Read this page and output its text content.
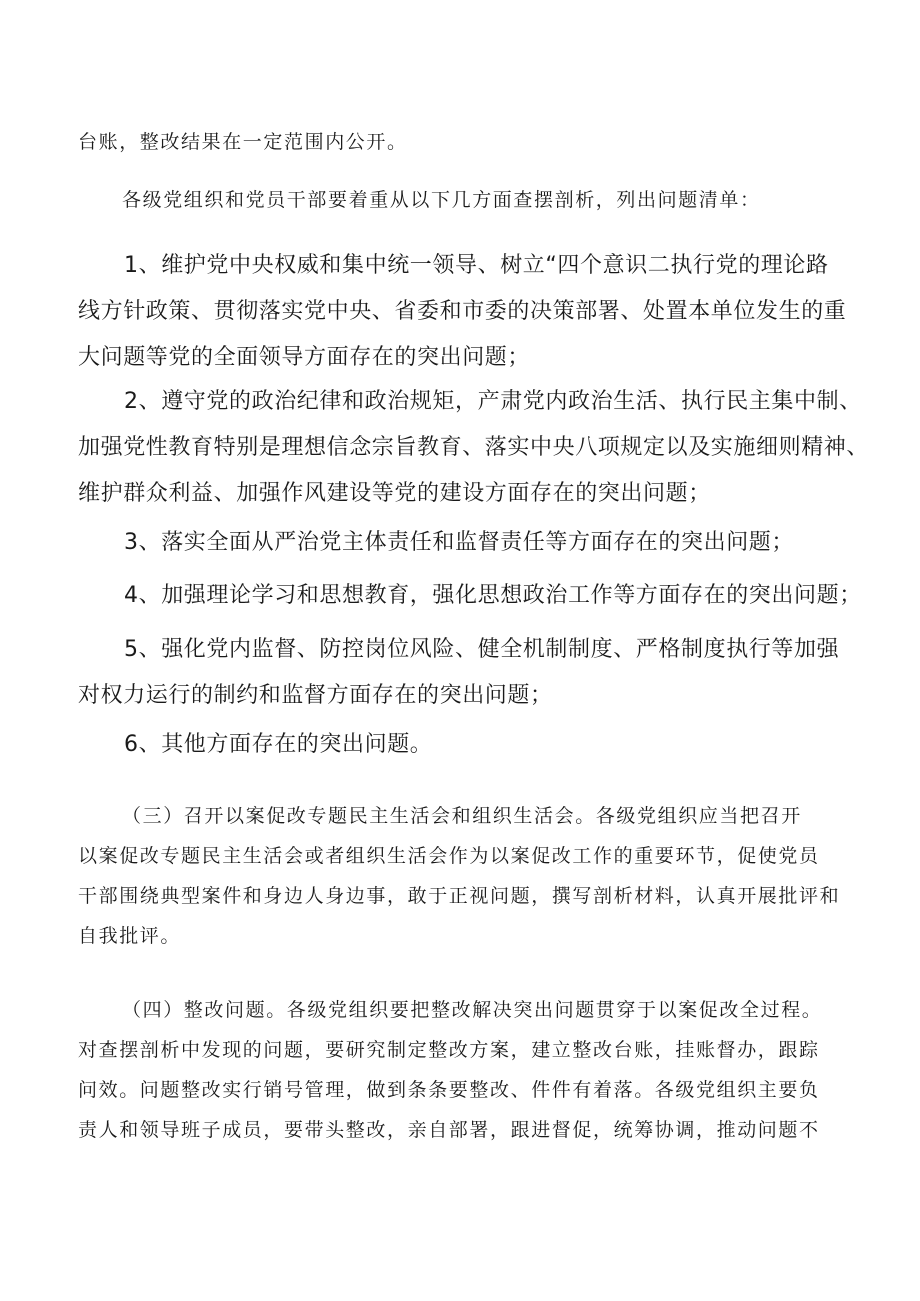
台账，整改结果在一定范围内公开。

各级党组织和党员干部要着重从以下几方面查摆剖析，列出问题清单：

1、维护党中央权威和集中统一领导、树立“四个意识二执行党的理论路
线方针政策、贯彻落实党中央、省委和市委的决策部署、处置本单位发生的重
大问题等党的全面领导方面存在的突出问题；

2、遵守党的政治纪律和政治规矩，产肃党内政治生活、执行民主集中制、
加强党性教育特别是理想信念宗旨教育、落实中央八项规定以及实施细则精神、
维护群众利益、加强作风建设等党的建设方面存在的突出问题；

3、落实全面从严治党主体责任和监督责任等方面存在的突出问题；

4、加强理论学习和思想教育，强化思想政治工作等方面存在的突出问题；

5、强化党内监督、防控岗位风险、健全机制制度、严格制度执行等加强
对权力运行的制约和监督方面存在的突出问题；

6、其他方面存在的突出问题。

（三）召开以案促改专题民主生活会和组织生活会。各级党组织应当把召开
以案促改专题民主生活会或者组织生活会作为以案促改工作的重要环节，促使党员
干部围绕典型案件和身边人身边事，敢于正视问题，撰写剖析材料，认真开展批评和
自我批评。

（四）整改问题。各级党组织要把整改解决突出问题贯穿于以案促改全过程。
对查摆剖析中发现的问题，要研究制定整改方案，建立整改台账，挂账督办，跟踪
问效。问题整改实行销号管理，做到条条要整改、件件有着落。各级党组织主要负
责人和领导班子成员，要带头整改，亲自部署，跟进督促，统筹协调，推动问题不
